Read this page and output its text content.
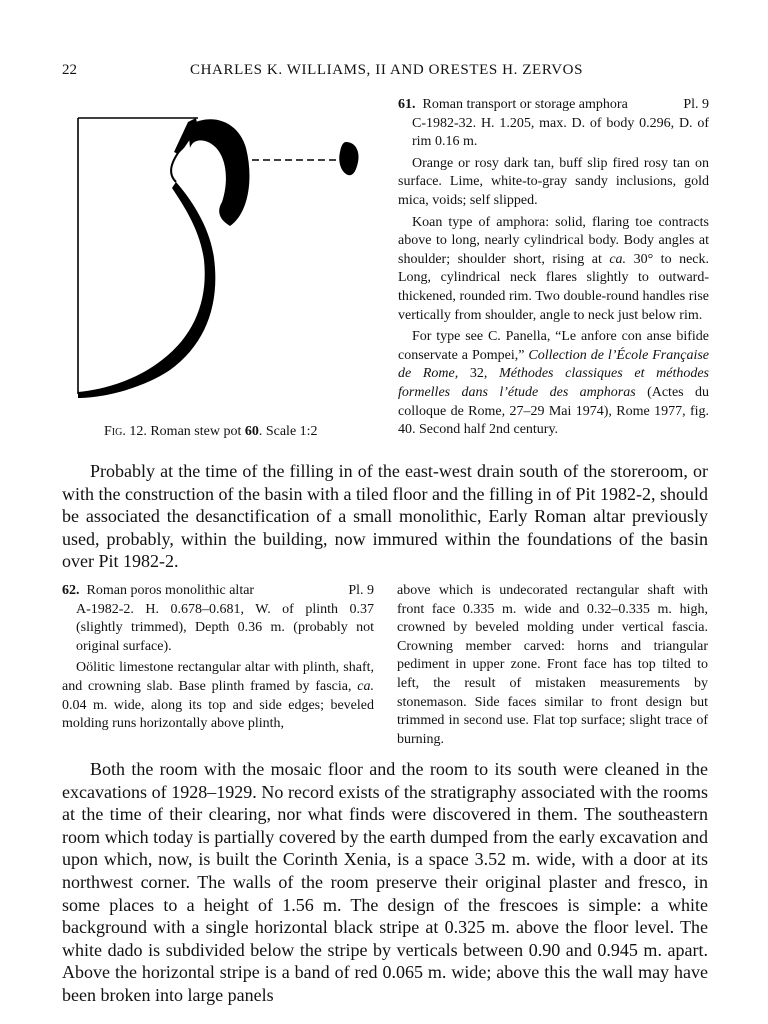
22	CHARLES K. WILLIAMS, II AND ORESTES H. ZERVOS
Fig. 12. Roman stew pot 60. Scale 1:2

61. Roman transport or storage amphora	Pl. 9

C-1982-32. H. 1.205, max. D. of body 0.296, D. of rim 0.16 m.

Orange or rosy dark tan, buff slip fired rosy tan on surface. Lime, white-to-gray sandy inclusions, gold mica, voids; self slipped.

Koan type of amphora: solid, flaring toe contracts above to long, nearly cylindrical body. Body angles at shoulder; shoulder short, rising at ca. 30° to neck. Long, cylindrical neck flares slightly to outward-thickened, rounded rim. Two double-round handles rise vertically from shoulder, angle to neck just below rim.

For type see C. Panella, “Le anfore con anse bifide conservate a Pompei,” Collection de l’École Française de Rome, 32, Méthodes classiques et méthodes formelles dans l’étude des amphoras (Actes du colloque de Rome, 27–29 Mai 1974), Rome 1977, fig. 40. Second half 2nd century.

Probably at the time of the filling in of the east-west drain south of the storeroom, or with the construction of the basin with a tiled floor and the filling in of Pit 1982-2, should be associated the desanctification of a small monolithic, Early Roman altar previously used, probably, within the building, now immured within the foundations of the basin over Pit 1982-2.

62. Roman poros monolithic altar	Pl. 9

A-1982-2. H. 0.678–0.681, W. of plinth 0.37 (slightly trimmed), Depth 0.36 m. (probably not original surface).

Oölitic limestone rectangular altar with plinth, shaft, and crowning slab. Base plinth framed by fascia, ca. 0.04 m. wide, along its top and side edges; beveled molding runs horizontally above plinth,

above which is undecorated rectangular shaft with front face 0.335 m. wide and 0.32–0.335 m. high, crowned by beveled molding under vertical fascia. Crowning member carved: horns and triangular pediment in upper zone. Front face has top tilted to left, the result of mistaken measurements by stonemason. Side faces similar to front design but trimmed in second use. Flat top surface; slight trace of burning.

Both the room with the mosaic floor and the room to its south were cleaned in the excavations of 1928–1929. No record exists of the stratigraphy associated with the rooms at the time of their clearing, nor what finds were discovered in them. The southeastern room which today is partially covered by the earth dumped from the early excavation and upon which, now, is built the Corinth Xenia, is a space 3.52 m. wide, with a door at its northwest corner. The walls of the room preserve their original plaster and fresco, in some places to a height of 1.56 m. The design of the frescoes is simple: a white background with a single horizontal black stripe at 0.325 m. above the floor level. The white dado is subdivided below the stripe by verticals between 0.90 and 0.945 m. apart. Above the horizontal stripe is a band of red 0.065 m. wide; above this the wall may have been broken into large panels
